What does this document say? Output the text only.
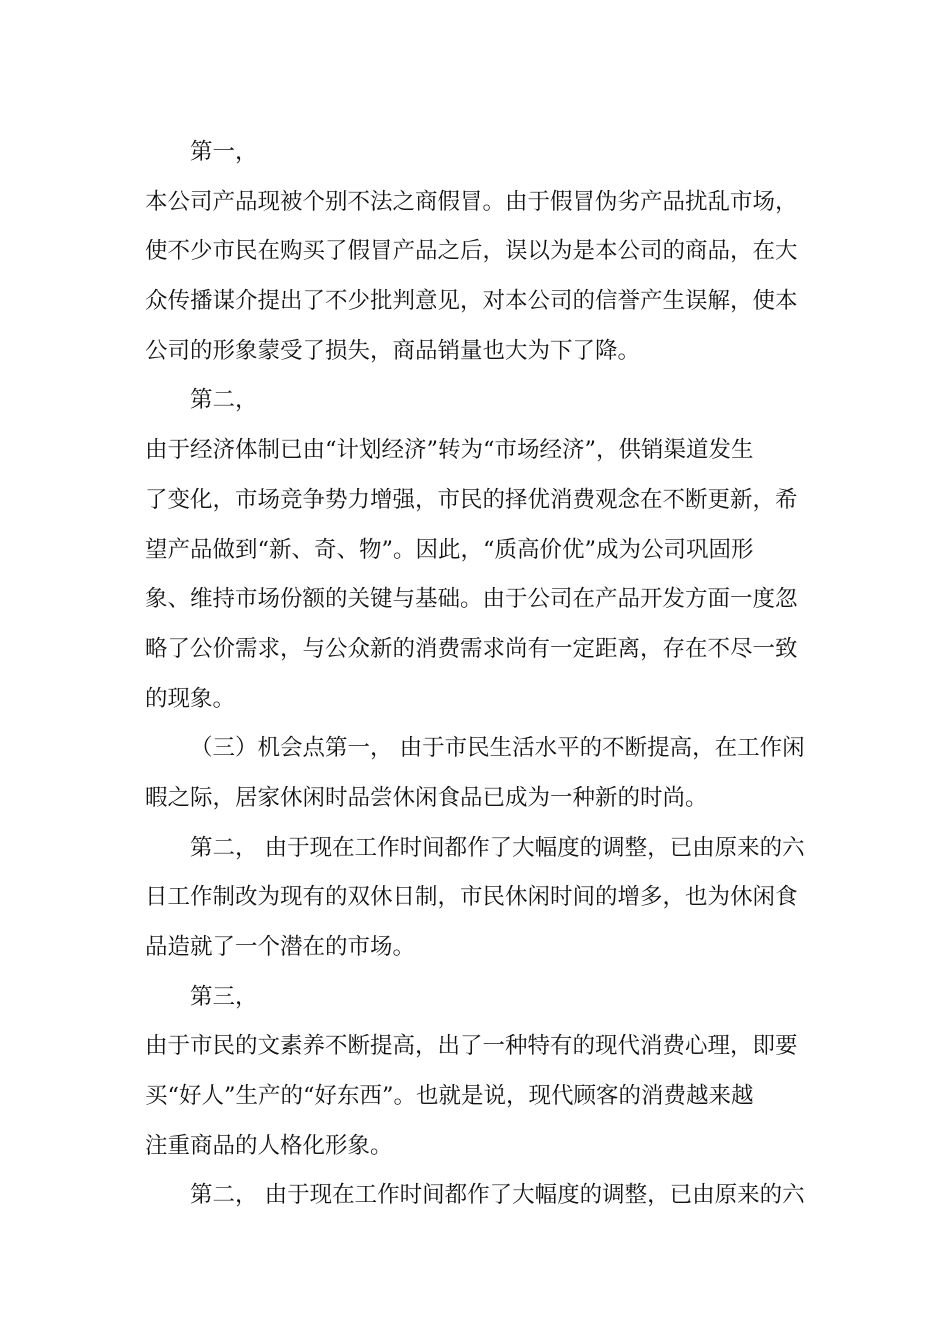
第一，
本公司产品现被个别不法之商假冒。由于假冒伪劣产品扰乱市场，
使不少市民在购买了假冒产品之后，误以为是本公司的商品，在大
众传播谋介提出了不少批判意见，对本公司的信誉产生误解，使本
公司的形象蒙受了损失，商品销量也大为下了降。
第二，
由于经济体制已由“计划经济”转为“市场经济”，供销渠道发生
了变化，市场竞争势力增强，市民的择优消费观念在不断更新，希
望产品做到“新、奇、物”。因此，“质高价优”成为公司巩固形
象、维持市场份额的关键与基础。由于公司在产品开发方面一度忽
略了公价需求，与公众新的消费需求尚有一定距离，存在不尽一致
的现象。
（三）机会点第一， 由于市民生活水平的不断提高，在工作闲
暇之际，居家休闲时品尝休闲食品已成为一种新的时尚。
第二， 由于现在工作时间都作了大幅度的调整，已由原来的六
日工作制改为现有的双休日制，市民休闲时间的增多，也为休闲食
品造就了一个潜在的市场。
第三，
由于市民的文素养不断提高，出了一种特有的现代消费心理，即要
买“好人”生产的“好东西”。也就是说，现代顾客的消费越来越
注重商品的人格化形象。
第二， 由于现在工作时间都作了大幅度的调整，已由原来的六
